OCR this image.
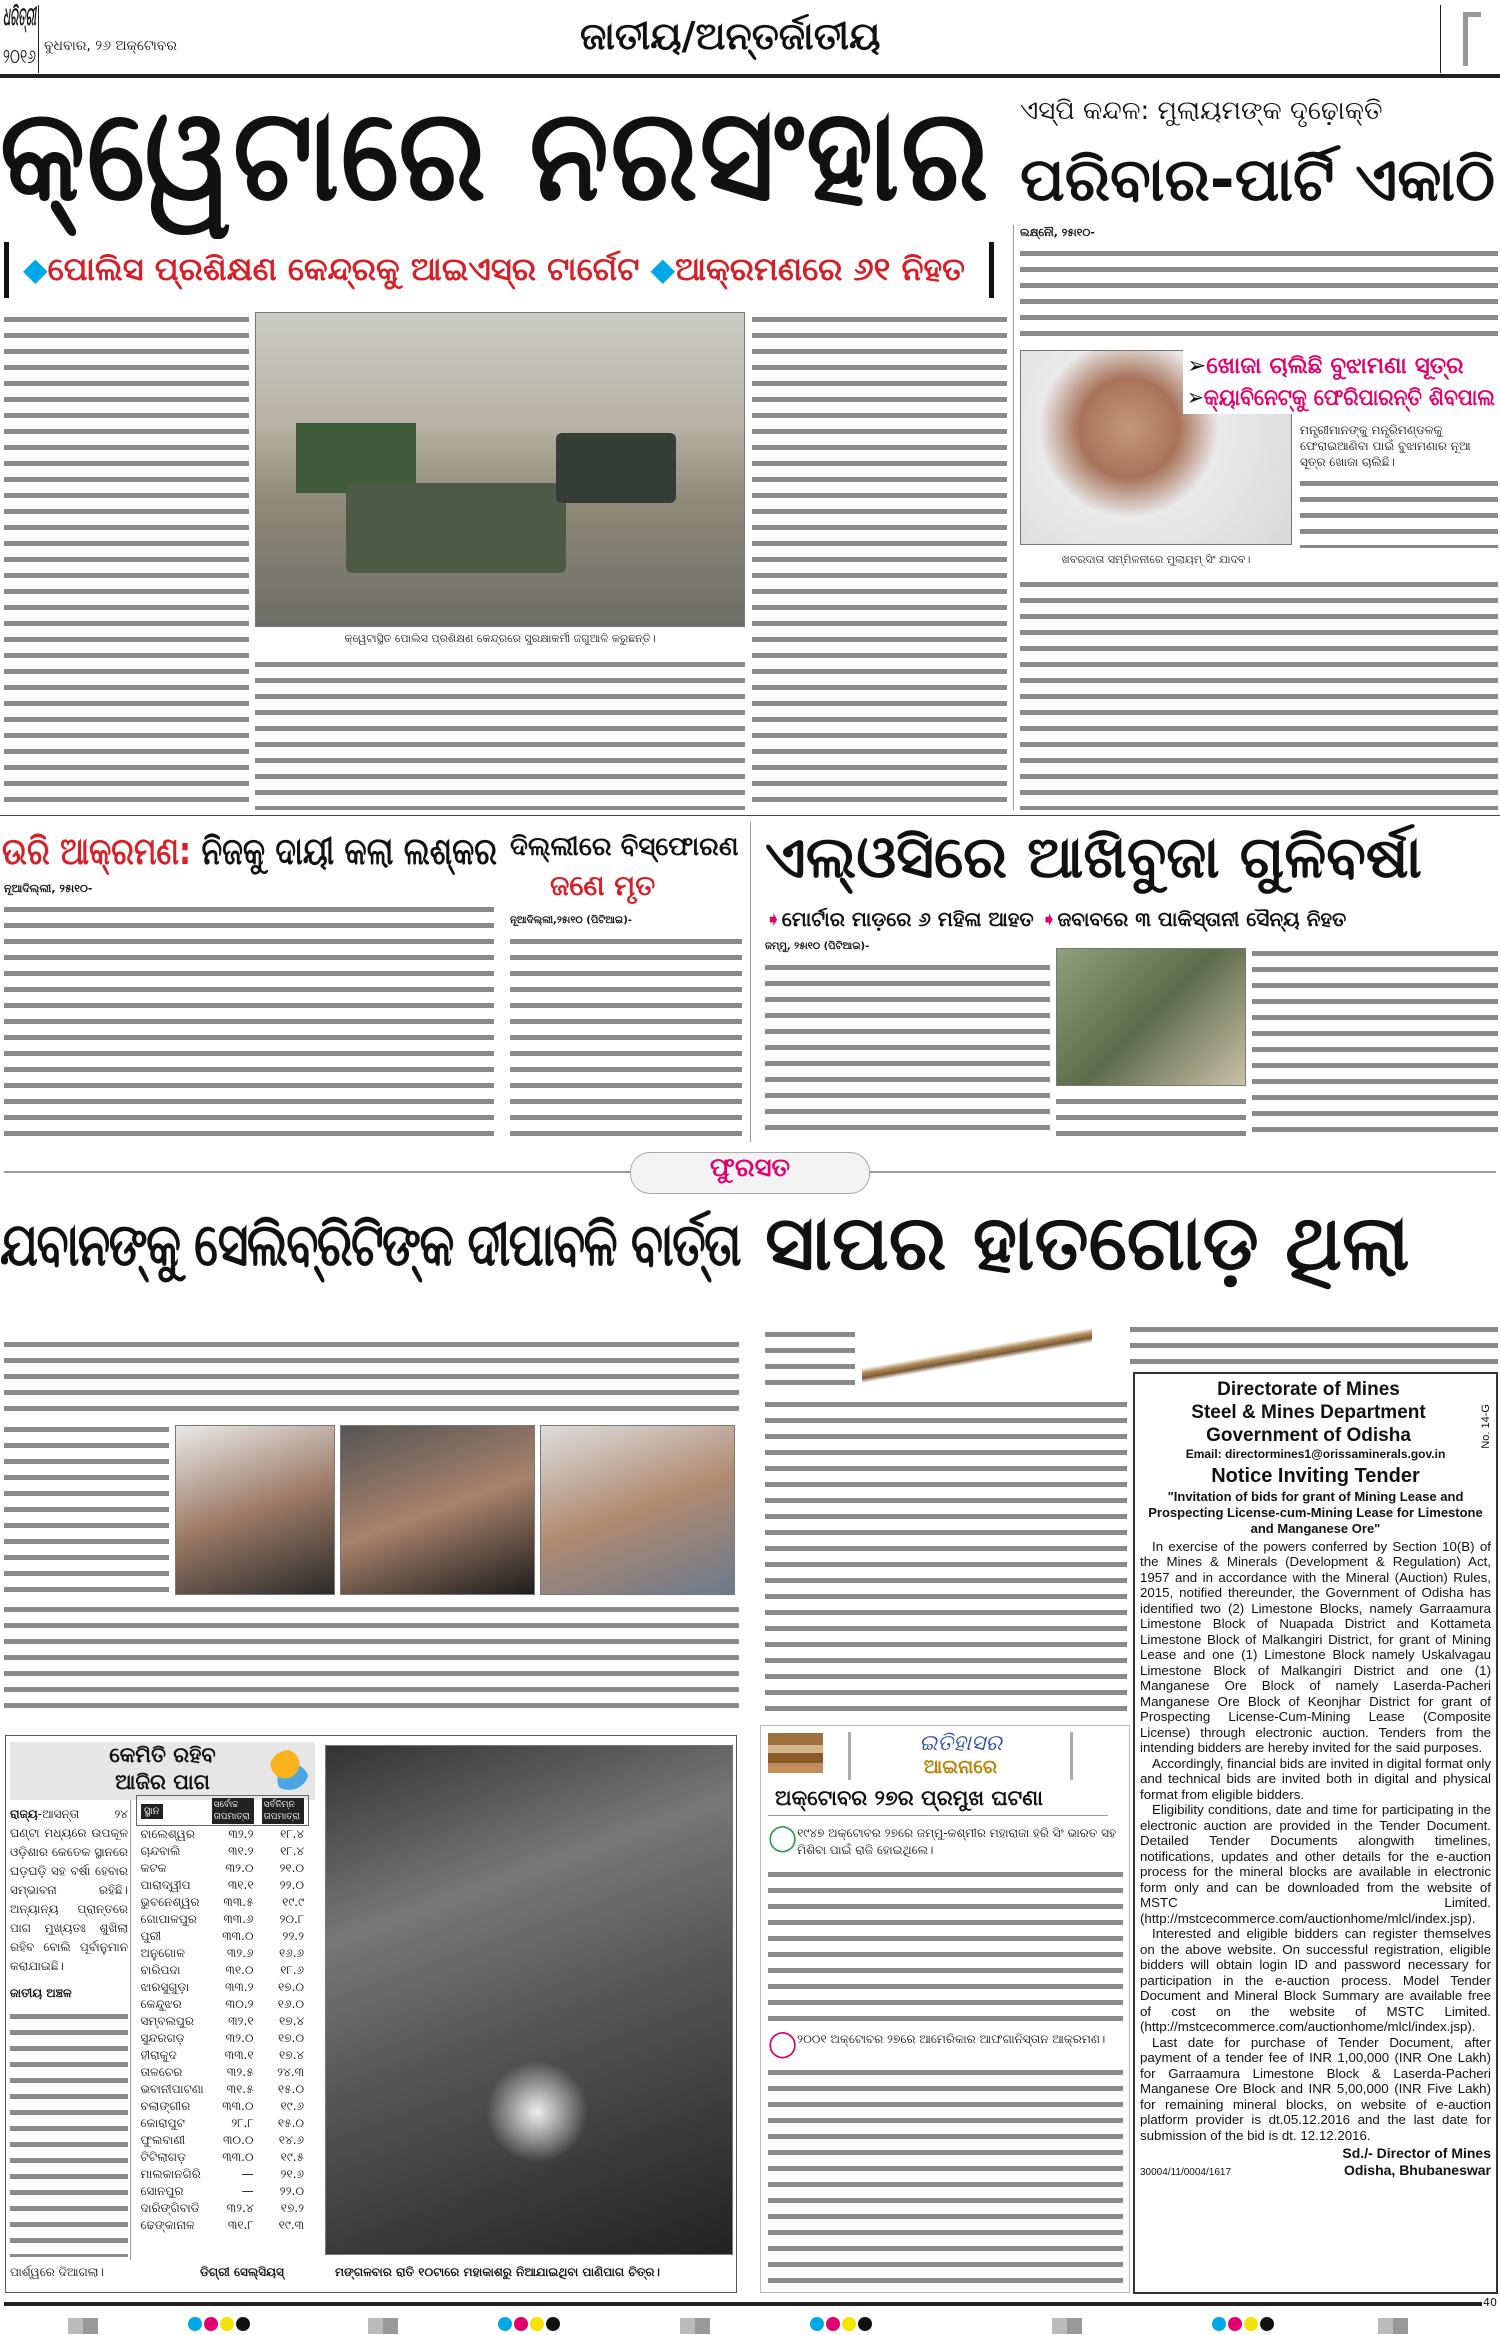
ଧରିତ୍ରୀ
୨୦୧୬ ବୁଧବାର, ୨୬ ଅକ୍ଟୋବର	ଜାତୀୟ/ଅନ୍ତର୍ଜାତୀୟ
କ୍ୱେଟାରେ ନରସଂହାର
◆ପୋଲିସ ପ୍ରଶିକ୍ଷଣ କେନ୍ଦ୍ରକୁ ଆଇଏସ୍‌ର ଟାର୍ଗେଟ ◆ଆକ୍ରମଣରେ ୬୧ ନିହତ
କ୍ୱେଟାସ୍ଥିତ ପୋଲିସ ପ୍ରଶିକ୍ଷଣ କେନ୍ଦ୍ରରେ ସୁରକ୍ଷାକର୍ମୀ ଜଗୁଆଳି କରୁଛନ୍ତି।
ଏସ୍‌ପି କନ୍ଦଳ: ମୁଲାୟମଙ୍କ ଦୃଢ଼ୋକ୍ତି
ପରିବାର-ପାର୍ଟି ଏକାଠି
ଲକ୍ଷ୍ନୌ, ୨୫ା୧୦-
➢ଖୋଜା ଚାଲିଛି ବୁଝାମଣା ସୂତ୍ର
➢କ୍ୟାବିନେଟ୍‌କୁ ଫେରିପାରନ୍ତି ଶିବପାଲ
ମନ୍ତ୍ରୀମାନଙ୍କୁ ମନ୍ତ୍ରିମଣ୍ଡଳକୁ ଫେରାଇଆଣିବା ପାଇଁ ବୁଝାମଣାର ନୂଆ ସୂତ୍ର ଖୋଜା ଚାଲିଛି।
ଖବରଦାତା ସମ୍ମିଳନୀରେ ମୁଲାୟମ୍ ସିଂ ଯାଦବ।
ଉରି ଆକ୍ରମଣ: ନିଜକୁ ଦାୟୀ କଲା ଲଶ୍କର
ନୂଆଦିଲ୍ଲୀ, ୨୫ା୧୦-
ଦିଲ୍ଲୀରେ ବିସ୍ଫୋରଣ
ଜଣେ ମୃତ
ନୂଆଦିଲ୍ଲୀ,୨୫ା୧୦ (ପିଟିଆଇ)-
ଏଲ୍‌ଓସିରେ ଆଖିବୁଜା ଗୁଳିବର୍ଷା
➧ମୋର୍ଟାର ମାଡ଼ରେ ୬ ମହିଳା ଆହତ ➧ଜବାବରେ ୩ ପାକିସ୍ତାନୀ ସୈନ୍ୟ ନିହତ
ଜମ୍ମୁ, ୨୫ା୧୦ (ପିଟିଆଇ)-
ଫୁରସତ
ଯବାନଙ୍କୁ ସେଲିବ୍ରିଟିଙ୍କ ଦୀପାବଳି ବାର୍ତ୍ତା ସାପର ହାତଗୋଡ଼ ଥିଲା
କେମିତି ରହିବ
ଆଜିର ପାଗ
ରାଜ୍ୟ-ଆସନ୍ତା ୨୪ ଘଣ୍ଟା ମଧ୍ୟରେ ଉପକୂଳ ଓଡ଼ିଶାର କେତେକ ସ୍ଥାନରେ ଘଡ଼ଘଡ଼ି ସହ ବର୍ଷା ହେବାର ସମ୍ଭାବନା ରହିଛି। ଅନ୍ୟାନ୍ୟ ପ୍ରାନ୍ତରେ ପାଗ ମୁଖ୍ୟତଃ ଶୁଖିଲା ରହିବ ବୋଲି ପୂର୍ବାନୁମାନ କରାଯାଇଛି।
ଜାତୀୟ ଅଞ୍ଚଳ
ପାର୍ଶ୍ୱରେ ଦିଆଗଲା।
ସ୍ଥାନ	ସର୍ବୋଚ୍ଚ ତାପମାତ୍ରା	ସର୍ବନିମ୍ନ ତାପମାତ୍ରା
ବାଲେଶ୍ୱର	୩୨.୨	୧୮.୪
ଚାନ୍ଦବାଲି	୩୧.୨	୧୮.୪
କଟକ	୩୨.୦	୨୧.୦
ପାରାଦ୍ୱୀପ	୩୧.୧	୨୨.୦
ଭୁବନେଶ୍ୱର	୩୩.୫	୧୯.୯
ଗୋପାଳପୁର	୩୩.୬	୨୦.୮
ପୁରୀ	୩୩.୦	୨୨.୨
ଅନୁଗୋଳ	୩୨.୬	୧୬.୬
ବାରିପଦା	୩୧.୦	୧୮.୬
ଝାରସୁଗୁଡ଼ା	୩୩.୨	୧୭.୦
କେନ୍ଦୁଝର	୩୦.୨	୧୬.୦
ସମ୍ବଲପୁର	୩୨.୧	୧୭.୪
ସୁନ୍ଦରଗଡ଼	୩୨.୦	୧୭.୦
ହୀରାକୁଦ	୩୩.୧	୧୭.୪
ତାଳଚେର	୩୨.୫	୨୪.୩
ଭବାନୀପାଟଣା	୩୧.୫	୧୫.୦
ବଲାଙ୍ଗୀର	୩୩.୦	୧୯.୬
କୋରାପୁଟ	୨୮.୮	୧୫.୦
ଫୁଲବାଣୀ	୩୦.୦	୧୪.୬
ଟିଟିଲାଗଡ଼	୩୩.୦	୧୯.୫
ମାଲକାନଗିରି	—	୨୧.୬
ସୋନପୁର	—	୨୨.୦
ଦାରିଙ୍ଗିବାଡି	୩୨.୪	୧୭.୨
ଢେଙ୍କାନାଳ	୩୧.୮	୧୯.୩
ଡିଗ୍ରୀ ସେଲ୍‌ସିୟସ୍	ମଙ୍ଗଳବାର ରାତି ୧୦ଟାରେ ମହାକାଶରୁ ନିଆଯାଇଥିବା ପାଣିପାଗ ଚିତ୍ର।
ଇତିହାସର
ଆଇନାରେ
ଅକ୍ଟୋବର ୨୭ର ପ୍ରମୁଖ ଘଟଣା
◯ ୧୯୪୭ ଅକ୍ଟୋବର ୨୭ରେ ଜମ୍ମୁ-କଶ୍ମୀର ମହାରାଜା ହରି ସିଂ ଭାରତ ସହ ମିଶିବା ପାଇଁ ରାଜି ହୋଇଥିଲେ।
◯ ୨୦୦୧ ଅକ୍ଟୋବର ୨୭ରେ ଆମେରିକାର ଆଫଗାନିସ୍ତାନ ଆକ୍ରମଣ।
Directorate of Mines
Steel & Mines Department
Government of Odisha	No. 14-G
Email: directormines1@orissaminerals.gov.in
Notice Inviting Tender
"Invitation of bids for grant of Mining Lease and Prospecting License-cum-Mining Lease for Limestone and Manganese Ore"

In exercise of the powers conferred by Section 10(B) of the Mines & Minerals (Development & Regulation) Act, 1957 and in accordance with the Mineral (Auction) Rules, 2015, notified thereunder, the Government of Odisha has identified two (2) Limestone Blocks, namely Garraamura Limestone Block of Nuapada District and Kottameta Limestone Block of Malkangiri District, for grant of Mining Lease and one (1) Limestone Block namely Uskalvagau Limestone Block of Malkangiri District and one (1) Manganese Ore Block of namely Laserda-Pacheri Manganese Ore Block of Keonjhar District for grant of Prospecting License-Cum-Mining Lease (Composite License) through electronic auction. Tenders from the intending bidders are hereby invited for the said purposes.

Accordingly, financial bids are invited in digital format only and technical bids are invited both in digital and physical format from eligible bidders.

Eligibility conditions, date and time for participating in the electronic auction are provided in the Tender Document. Detailed Tender Documents alongwith timelines, notifications, updates and other details for the e-auction process for the mineral blocks are available in electronic form only and can be downloaded from the website of MSTC Limited. (http://mstcecommerce.com/auctionhome/mlcl/index.jsp).

Interested and eligible bidders can register themselves on the above website. On successful registration, eligible bidders will obtain login ID and password necessary for participation in the e-auction process. Model Tender Document and Mineral Block Summary are available free of cost on the website of MSTC Limited. (http://mstcecommerce.com/auctionhome/mlcl/index.jsp).

Last date for purchase of Tender Document, after payment of a tender fee of INR 1,00,000 (INR One Lakh) for Garraamura Limestone Block & Laserda-Pacheri Manganese Ore Block and INR 5,00,000 (INR Five Lakh) for remaining mineral blocks, on website of e-auction platform provider is dt.05.12.2016 and the last date for submission of the bid is dt. 12.12.2016.

Sd./- Director of Mines
30004/11/0004/1617	Odisha, Bhubaneswar
40
